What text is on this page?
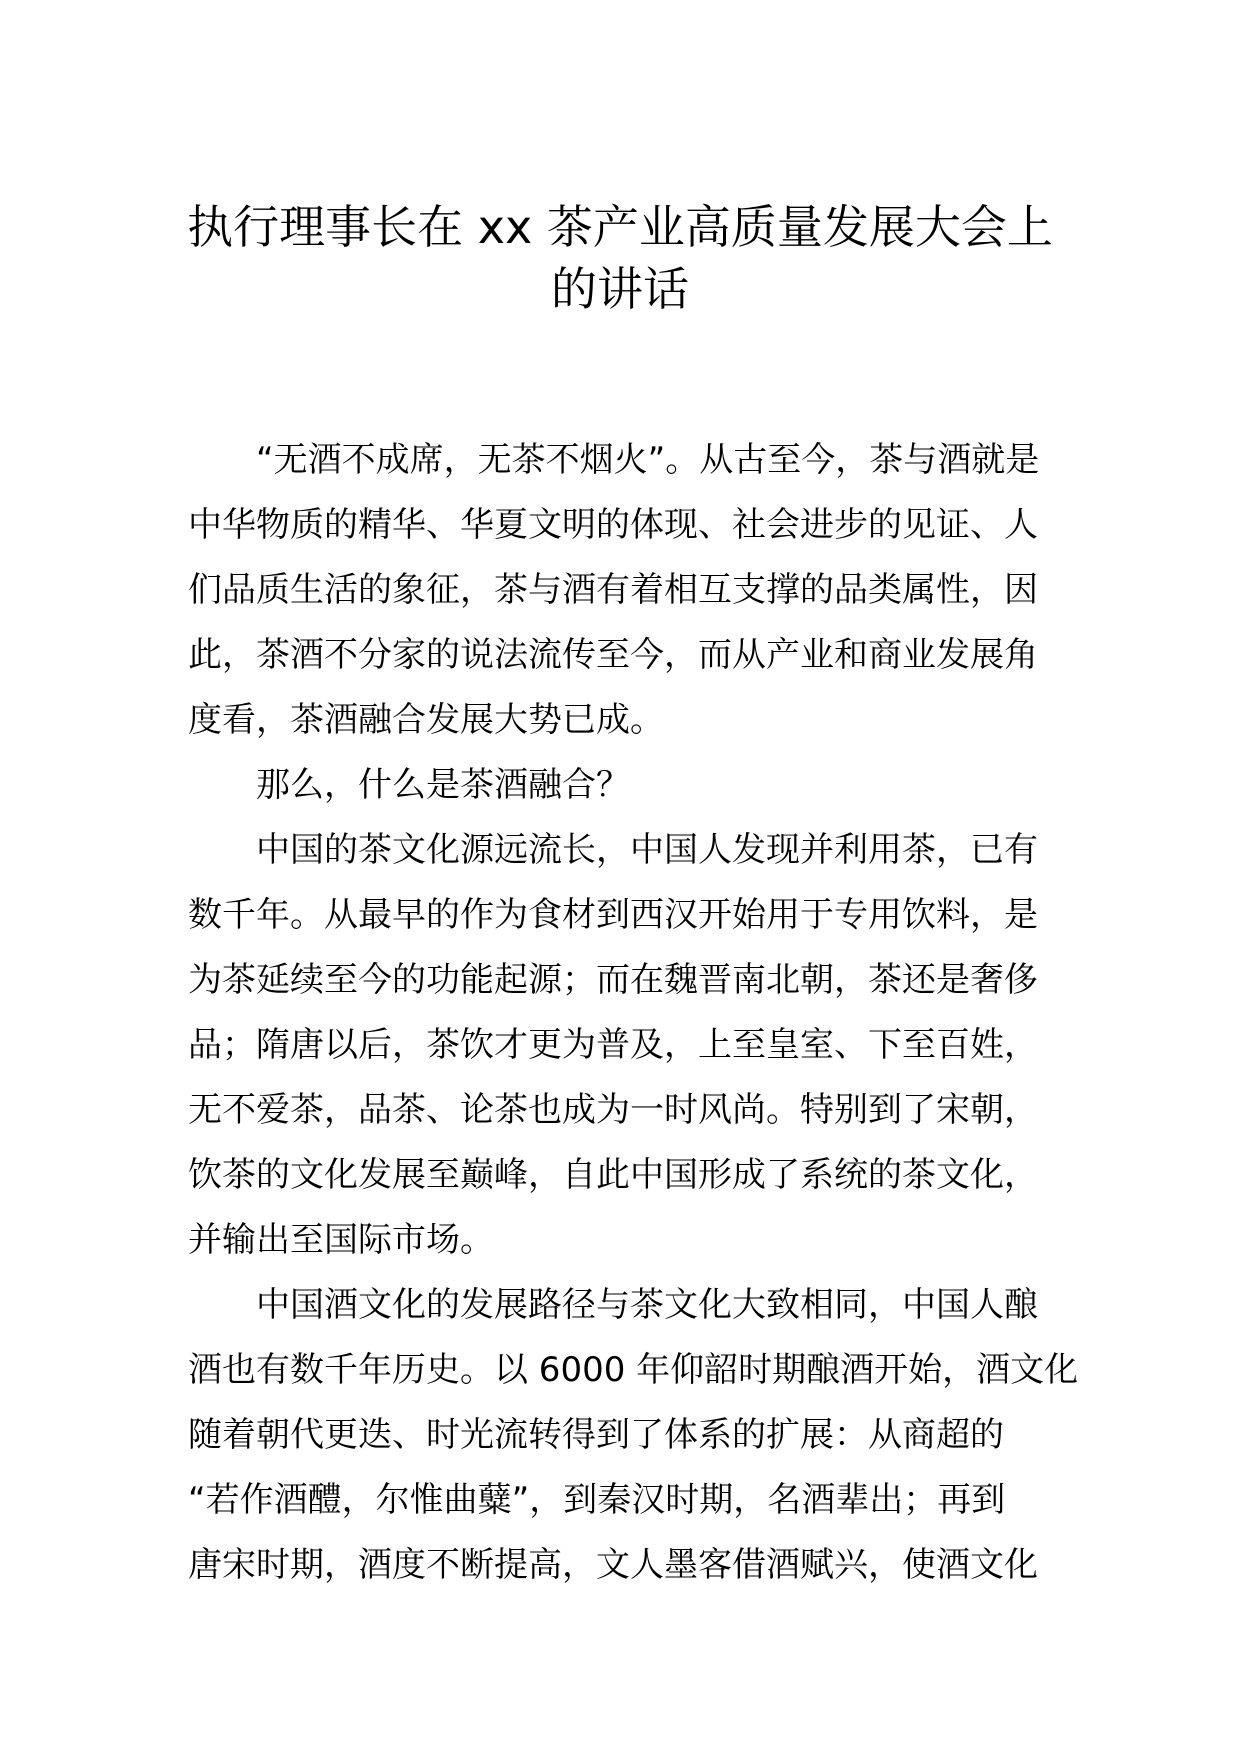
执行理事长在 xx 茶产业高质量发展大会上
的讲话
“无酒不成席，无茶不烟火”。从古至今，茶与酒就是
中华物质的精华、华夏文明的体现、社会进步的见证、人
们品质生活的象征，茶与酒有着相互支撑的品类属性，因
此，茶酒不分家的说法流传至今，而从产业和商业发展角
度看，茶酒融合发展大势已成。
那么，什么是茶酒融合？
中国的茶文化源远流长，中国人发现并利用茶，已有
数千年。从最早的作为食材到西汉开始用于专用饮料，是
为茶延续至今的功能起源；而在魏晋南北朝，茶还是奢侈
品；隋唐以后，茶饮才更为普及，上至皇室、下至百姓，
无不爱茶，品茶、论茶也成为一时风尚。特别到了宋朝，
饮茶的文化发展至巅峰，自此中国形成了系统的茶文化，
并输出至国际市场。
中国酒文化的发展路径与茶文化大致相同，中国人酿
酒也有数千年历史。以 6000 年仰韶时期酿酒开始，酒文化
随着朝代更迭、时光流转得到了体系的扩展：从商超的
“若作酒醴，尔惟曲糵”，到秦汉时期，名酒辈出；再到
唐宋时期，酒度不断提高，文人墨客借酒赋兴，使酒文化
